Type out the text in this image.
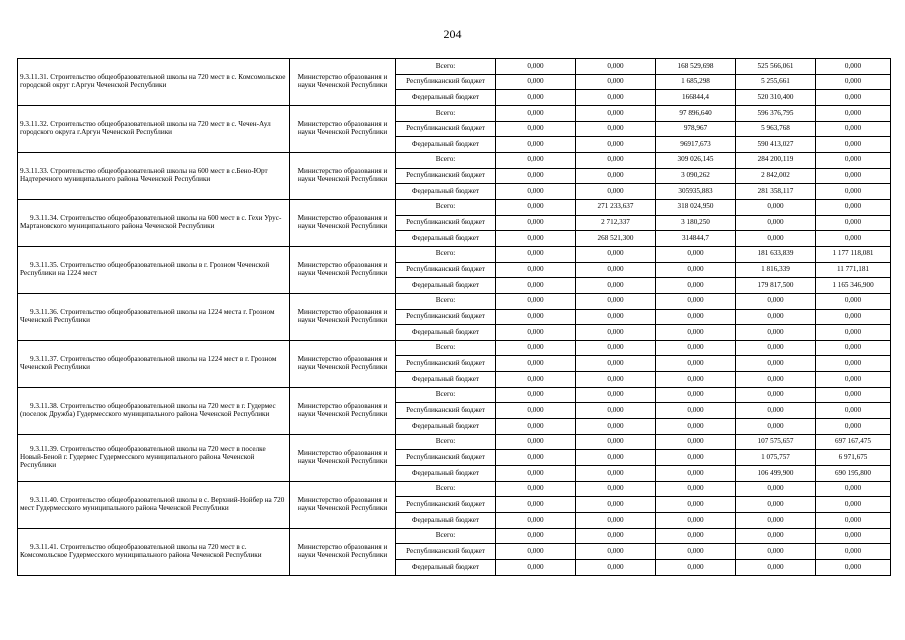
204
9.3.11.31. Строительство общеобразовательной школы на 720 мест в с. Комсомольское городской округ г.Аргун Чеченской Республики	Министерство образования и науки Чеченской Республики	Всего:	0,000	0,000	168 529,698	525 566,061	0,000
		Республиканский бюджет	0,000	0,000	1 685,298	5 255,661	0,000
		Федеральный бюджет	0,000	0,000	166844,4	520 310,400	0,000
9.3.11.32. Строительство общеобразовательной школы на 720 мест в с. Чечен-Аул городского округа г.Аргун Чеченской Республики	Министерство образования и науки Чеченской Республики	Всего:	0,000	0,000	97 896,640	596 376,795	0,000
		Республиканский бюджет	0,000	0,000	978,967	5 963,768	0,000
		Федеральный бюджет	0,000	0,000	96917,673	590 413,027	0,000
9.3.11.33. Строительство общеобразовательной школы на 600 мест в с.Бено-Юрт Надтеречного муниципального района Чеченской Республики	Министерство образования и науки Чеченской Республики	Всего:	0,000	0,000	309 026,145	284 200,119	0,000
		Республиканский бюджет	0,000	0,000	3 090,262	2 842,002	0,000
		Федеральный бюджет	0,000	0,000	305935,883	281 358,117	0,000
9.3.11.34. Строительство общеобразовательной школы на 600 мест в с. Гехи Урус-Мартановского муниципального района Чеченской Республики	Министерство образования и науки Чеченской Республики	Всего:	0,000	271 233,637	318 024,950	0,000	0,000
		Республиканский бюджет	0,000	2 712,337	3 180,250	0,000	0,000
		Федеральный бюджет	0,000	268 521,300	314844,7	0,000	0,000
9.3.11.35. Строительство общеобразовательной школы в г. Грозном Чеченской Республики на 1224 мест	Министерство образования и науки Чеченской Республики	Всего:	0,000	0,000	0,000	181 633,839	1 177 118,081
		Республиканский бюджет	0,000	0,000	0,000	1 816,339	11 771,181
		Федеральный бюджет	0,000	0,000	0,000	179 817,500	1 165 346,900
9.3.11.36. Строительство общеобразовательной школы на 1224 места г. Грозном Чеченской Республики	Министерство образования и науки Чеченской Республики	Всего:	0,000	0,000	0,000	0,000	0,000
		Республиканский бюджет	0,000	0,000	0,000	0,000	0,000
		Федеральный бюджет	0,000	0,000	0,000	0,000	0,000
9.3.11.37. Строительство общеобразовательной школы на 1224 мест в г. Грозном Чеченской Республики	Министерство образования и науки Чеченской Республики	Всего:	0,000	0,000	0,000	0,000	0,000
		Республиканский бюджет	0,000	0,000	0,000	0,000	0,000
		Федеральный бюджет	0,000	0,000	0,000	0,000	0,000
9.3.11.38. Строительство общеобразовательной школы на 720 мест в г. Гудермес (поселок Дружба) Гудермесского муниципального района Чеченской Республики	Министерство образования и науки Чеченской Республики	Всего:	0,000	0,000	0,000	0,000	0,000
		Республиканский бюджет	0,000	0,000	0,000	0,000	0,000
		Федеральный бюджет	0,000	0,000	0,000	0,000	0,000
9.3.11.39. Строительство общеобразовательной школы на 720 мест в поселке Новый-Беной г. Гудермес Гудермесского муниципального района Чеченской Республики	Министерство образования и науки Чеченской Республики	Всего:	0,000	0,000	0,000	107 575,657	697 167,475
		Республиканский бюджет	0,000	0,000	0,000	1 075,757	6 971,675
		Федеральный бюджет	0,000	0,000	0,000	106 499,900	690 195,800
9.3.11.40. Строительство общеобразовательной школы в с. Верхний-Нойбер на 720 мест Гудермесского муниципального района Чеченской Республики	Министерство образования и науки Чеченской Республики	Всего:	0,000	0,000	0,000	0,000	0,000
		Республиканский бюджет	0,000	0,000	0,000	0,000	0,000
		Федеральный бюджет	0,000	0,000	0,000	0,000	0,000
9.3.11.41. Строительство общеобразовательной школы на 720 мест в с. Комсомольское Гудермесского муниципального района Чеченской Республики	Министерство образования и науки Чеченской Республики	Всего:	0,000	0,000	0,000	0,000	0,000
		Республиканский бюджет	0,000	0,000	0,000	0,000	0,000
		Федеральный бюджет	0,000	0,000	0,000	0,000	0,000
